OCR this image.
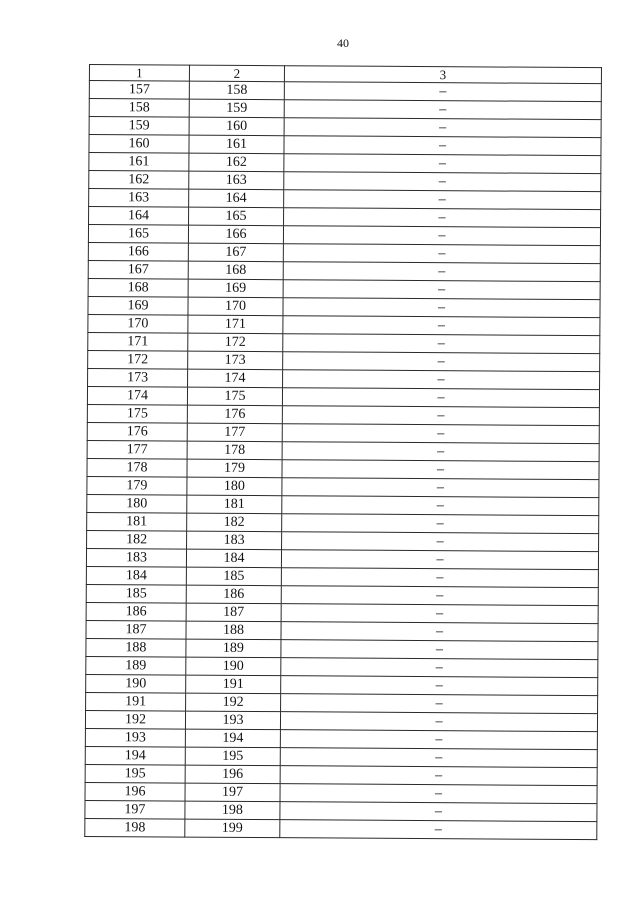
40
1	2	3
157	158	–
158	159	–
159	160	–
160	161	–
161	162	–
162	163	–
163	164	–
164	165	–
165	166	–
166	167	–
167	168	–
168	169	–
169	170	–
170	171	–
171	172	–
172	173	–
173	174	–
174	175	–
175	176	–
176	177	–
177	178	–
178	179	–
179	180	–
180	181	–
181	182	–
182	183	–
183	184	–
184	185	–
185	186	–
186	187	–
187	188	–
188	189	–
189	190	–
190	191	–
191	192	–
192	193	–
193	194	–
194	195	–
195	196	–
196	197	–
197	198	–
198	199	–
